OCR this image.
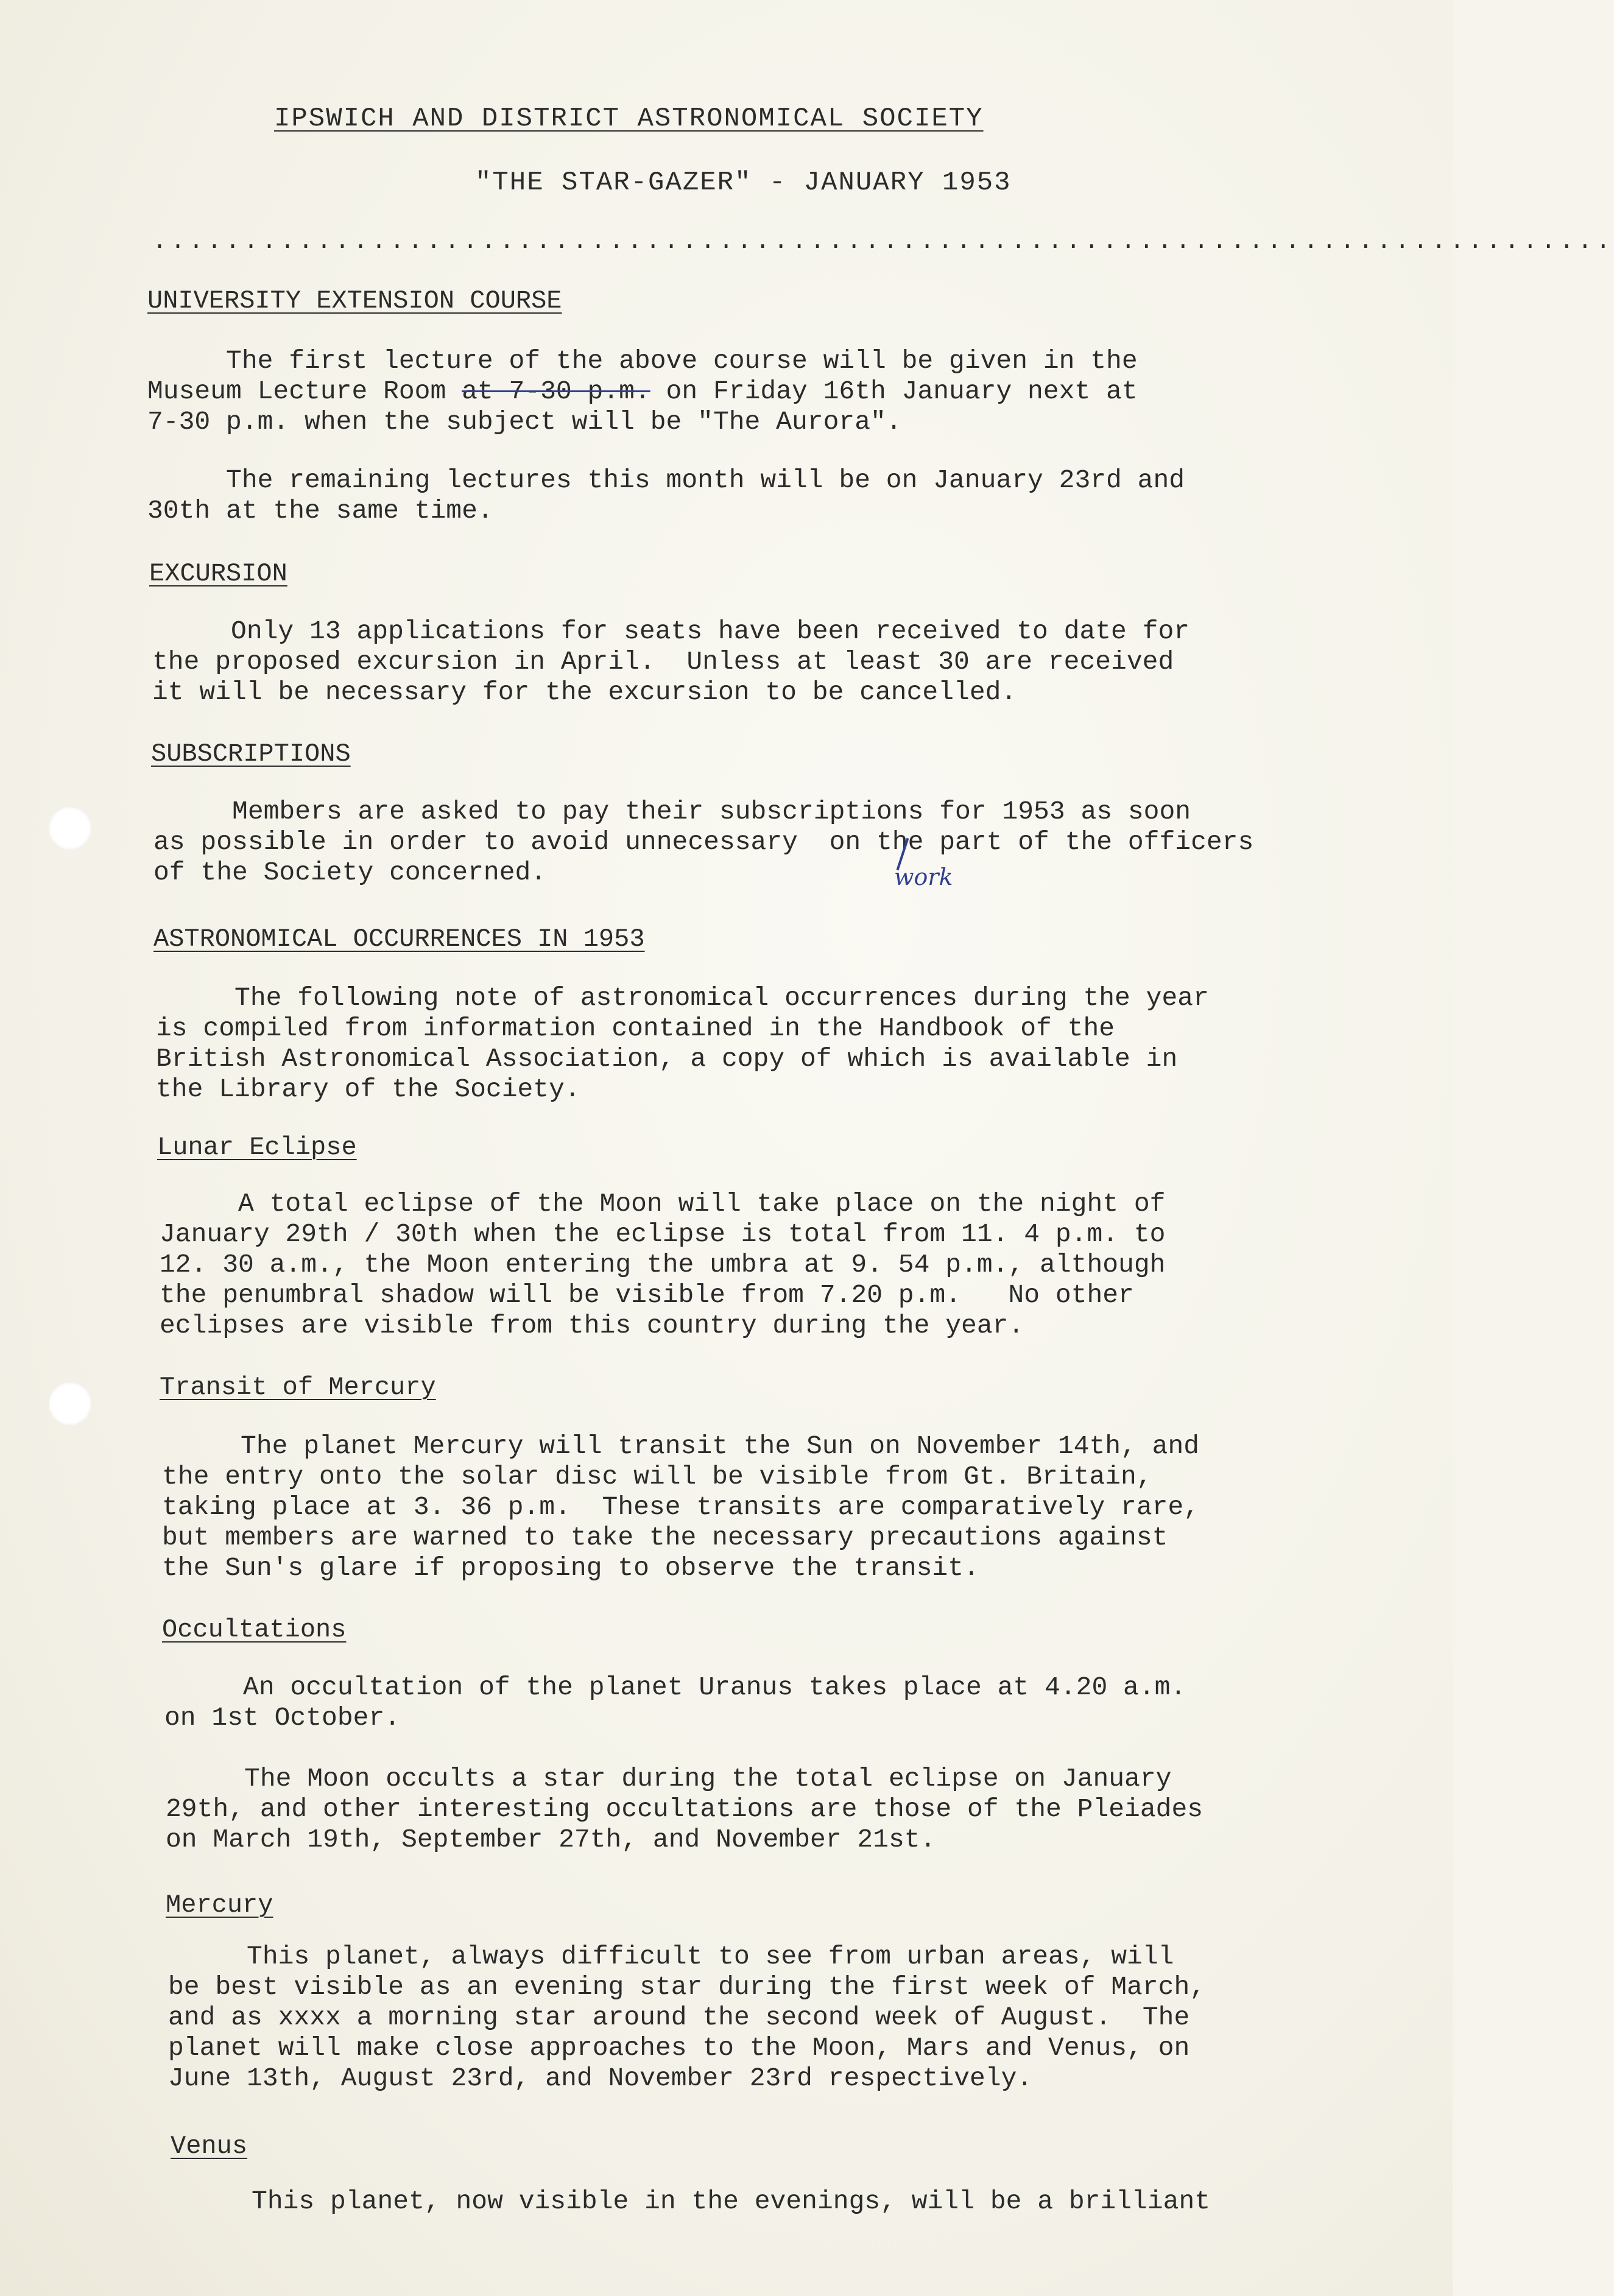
IPSWICH AND DISTRICT ASTRONOMICAL SOCIETY
"THE STAR-GAZER" - JANUARY 1953
................................................................................
UNIVERSITY EXTENSION COURSE
The first lecture of the above course will be given in the
Museum Lecture Room at 7-30 p.m. on Friday 16th January next at
7-30 p.m. when the subject will be "The Aurora".
The remaining lectures this month will be on January 23rd and
30th at the same time.
EXCURSION
Only 13 applications for seats have been received to date for
the proposed excursion in April.  Unless at least 30 are received
it will be necessary for the excursion to be cancelled.
SUBSCRIPTIONS
Members are asked to pay their subscriptions for 1953 as soon
as possible in order to avoid unnecessary  on the part of the officers
of the Society concerned.	work
ASTRONOMICAL OCCURRENCES IN 1953
The following note of astronomical occurrences during the year
is compiled from information contained in the Handbook of the
British Astronomical Association, a copy of which is available in
the Library of the Society.
Lunar Eclipse
A total eclipse of the Moon will take place on the night of
January 29th / 30th when the eclipse is total from 11. 4 p.m. to
12. 30 a.m., the Moon entering the umbra at 9. 54 p.m., although
the penumbral shadow will be visible from 7.20 p.m.   No other
eclipses are visible from this country during the year.
Transit of Mercury
The planet Mercury will transit the Sun on November 14th, and
the entry onto the solar disc will be visible from Gt. Britain,
taking place at 3. 36 p.m.  These transits are comparatively rare,
but members are warned to take the necessary precautions against
the Sun's glare if proposing to observe the transit.
Occultations
An occultation of the planet Uranus takes place at 4.20 a.m.
on 1st October.
The Moon occults a star during the total eclipse on January
29th, and other interesting occultations are those of the Pleiades
on March 19th, September 27th, and November 21st.
Mercury
This planet, always difficult to see from urban areas, will
be best visible as an evening star during the first week of March,
and as xxxx a morning star around the second week of August.  The
planet will make close approaches to the Moon, Mars and Venus, on
June 13th, August 23rd, and November 23rd respectively.
Venus
This planet, now visible in the evenings, will be a brilliant
